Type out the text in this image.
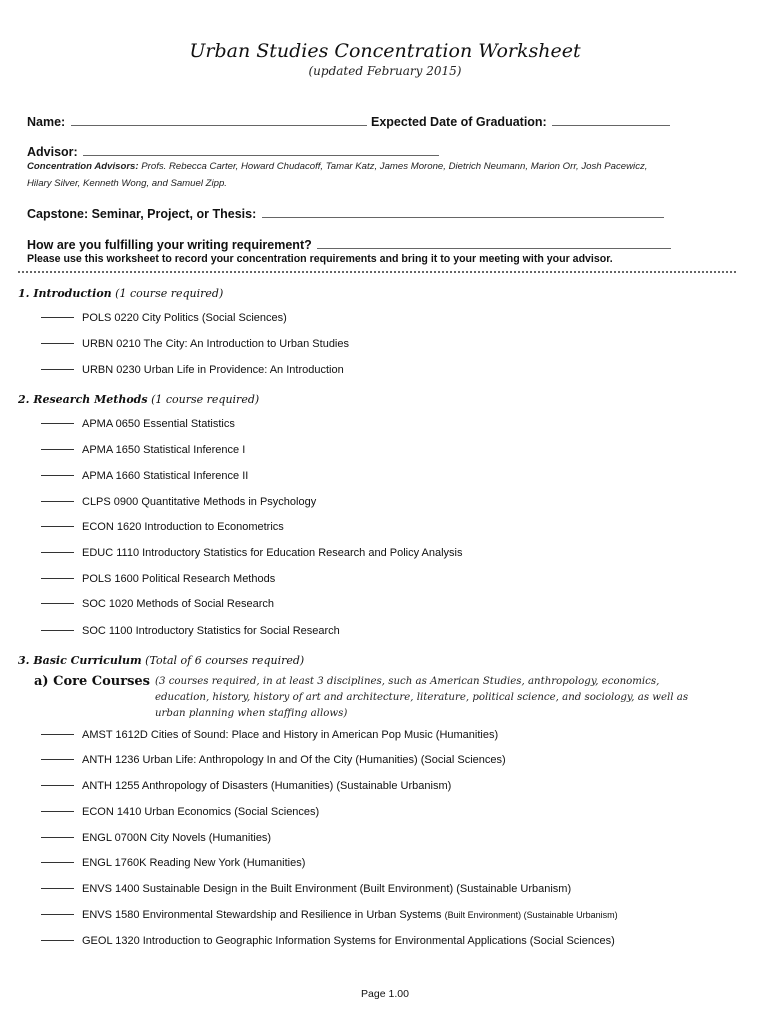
Urban Studies Concentration Worksheet
(updated February 2015)
Name:	Expected Date of Graduation:
Advisor:
Concentration Advisors: Profs. Rebecca Carter, Howard Chudacoff, Tamar Katz, James Morone, Dietrich Neumann, Marion Orr, Josh Pacewicz,
Hilary Silver, Kenneth Wong, and Samuel Zipp.
Capstone: Seminar, Project, or Thesis:
How are you fulfilling your writing requirement?
Please use this worksheet to record your concentration requirements and bring it to your meeting with your advisor.
1. Introduction (1 course required)
POLS 0220 City Politics (Social Sciences)
URBN 0210 The City: An Introduction to Urban Studies
URBN 0230 Urban Life in Providence: An Introduction
2. Research Methods (1 course required)
APMA 0650 Essential Statistics
APMA 1650 Statistical Inference I
APMA 1660 Statistical Inference II
CLPS 0900 Quantitative Methods in Psychology
ECON 1620 Introduction to Econometrics
EDUC 1110 Introductory Statistics for Education Research and Policy Analysis
POLS 1600 Political Research Methods
SOC 1020 Methods of Social Research
SOC 1100 Introductory Statistics for Social Research
3. Basic Curriculum (Total of 6 courses required)
a) Core Courses (3 courses required, in at least 3 disciplines, such as American Studies, anthropology, economics, education, history, history of art and architecture, literature, political science, and sociology, as well as urban planning when staffing allows)
AMST 1612D Cities of Sound: Place and History in American Pop Music (Humanities)
ANTH 1236 Urban Life: Anthropology In and Of the City (Humanities) (Social Sciences)
ANTH 1255 Anthropology of Disasters (Humanities) (Sustainable Urbanism)
ECON 1410 Urban Economics (Social Sciences)
ENGL 0700N City Novels (Humanities)
ENGL 1760K Reading New York (Humanities)
ENVS 1400 Sustainable Design in the Built Environment (Built Environment) (Sustainable Urbanism)
ENVS 1580 Environmental Stewardship and Resilience in Urban Systems (Built Environment) (Sustainable Urbanism)
GEOL 1320 Introduction to Geographic Information Systems for Environmental Applications (Social Sciences)
Page 1.00
